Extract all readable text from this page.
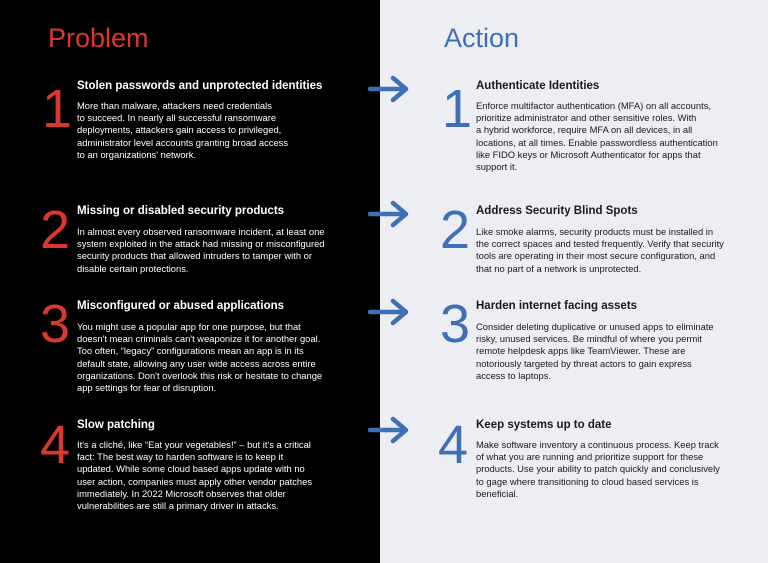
1 Stolen passwords and unprotected identities
More than malware, attackers need credentials
to succeed. In nearly all successful ransomware
deployments, attackers gain access to privileged,
administrator level accounts granting broad access
to an organizations' network.
2 Missing or disabled security products
In almost every observed ransomware incident, at least one
system exploited in the attack had missing or misconfigured
security products that allowed intruders to tamper with or
disable certain protections.
3 Misconfigured or abused applications
You might use a popular app for one purpose, but that
doesn't mean criminals can't weaponize it for another goal.
Too often, “legacy” configurations mean an app is in its
default state, allowing any user wide access across entire
organizations. Don't overlook this risk or hesitate to change
app settings for fear of disruption.
4 Slow patching
It's a cliché, like “Eat your vegetables!” – but it's a critical
fact: The best way to harden software is to keep it
updated. While some cloud based apps update with no
user action, companies must apply other vendor patches
immediately. In 2022 Microsoft observes that older
vulnerabilities are still a primary driver in attacks.
1 Authenticate Identities
Enforce multifactor authentication (MFA) on all accounts,
prioritize administrator and other sensitive roles. With
a hybrid workforce, require MFA on all devices, in all
locations, at all times. Enable passwordless authentication
like FIDO keys or Microsoft Authenticator for apps that
support it.
2 Address Security Blind Spots
Like smoke alarms, security products must be installed in
the correct spaces and tested frequently. Verify that security
tools are operating in their most secure configuration, and
that no part of a network is unprotected.
3 Harden internet facing assets
Consider deleting duplicative or unused apps to eliminate
risky, unused services. Be mindful of where you permit
remote helpdesk apps like TeamViewer. These are
notoriously targeted by threat actors to gain express
access to laptops.
4 Keep systems up to date
Make software inventory a continuous process. Keep track
of what you are running and prioritize support for these
products. Use your ability to patch quickly and conclusively
to gage where transitioning to cloud based services is
beneficial.
Problem	Action
